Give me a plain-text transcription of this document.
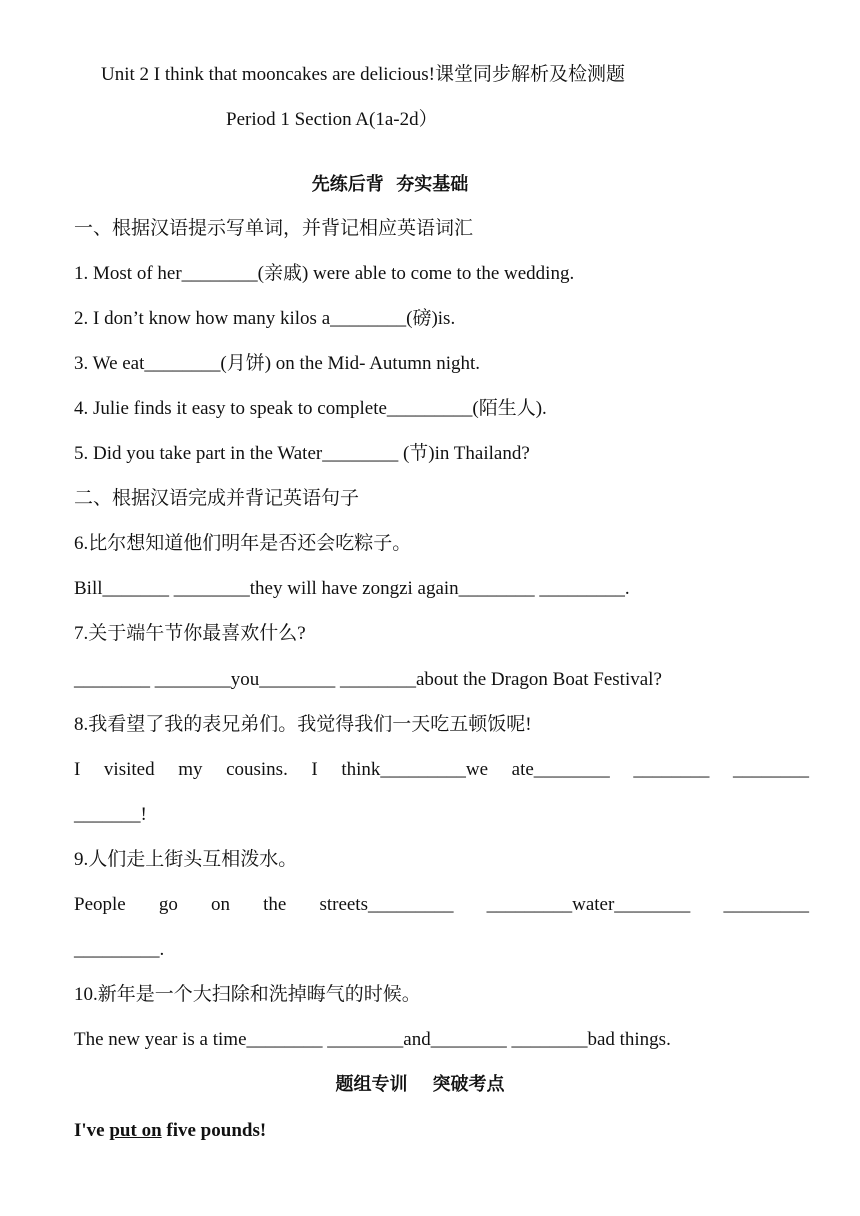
Unit 2 I think that mooncakes are delicious!课堂同步解析及检测题
Period 1 Section A(1a-2d）
先练后背  夯实基础
一、根据汉语提示写单词，并背记相应英语词汇
1. Most of her________(亲戚) were able to come to the wedding.
2. I don’t know how many kilos a________(磅)is.
3. We eat________(月饼) on the Mid- Autumn night.
4. Julie finds it easy to speak to complete_________(陌生人).
5. Did you take part in the Water________ (节)in Thailand?
二、根据汉语完成并背记英语句子
6.比尔想知道他们明年是否还会吃粽子。
Bill_______ ________they will have zongzi again________ _________.
7.关于端午节你最喜欢什么?
________ ________you________ ________about the Dragon Boat Festival?
8.我看望了我的表兄弟们。我觉得我们一天吃五顿饭呢!
I visited my cousins. I think_________we ate________ ________ ________
_______!
9.人们走上街头互相泼水。
People go on the streets_________ _________water________ _________
_________.
10.新年是一个大扫除和洗掉晦气的时候。
The new year is a time________ ________and________ ________bad things.
题组专训    突破考点
I've put on five pounds!
